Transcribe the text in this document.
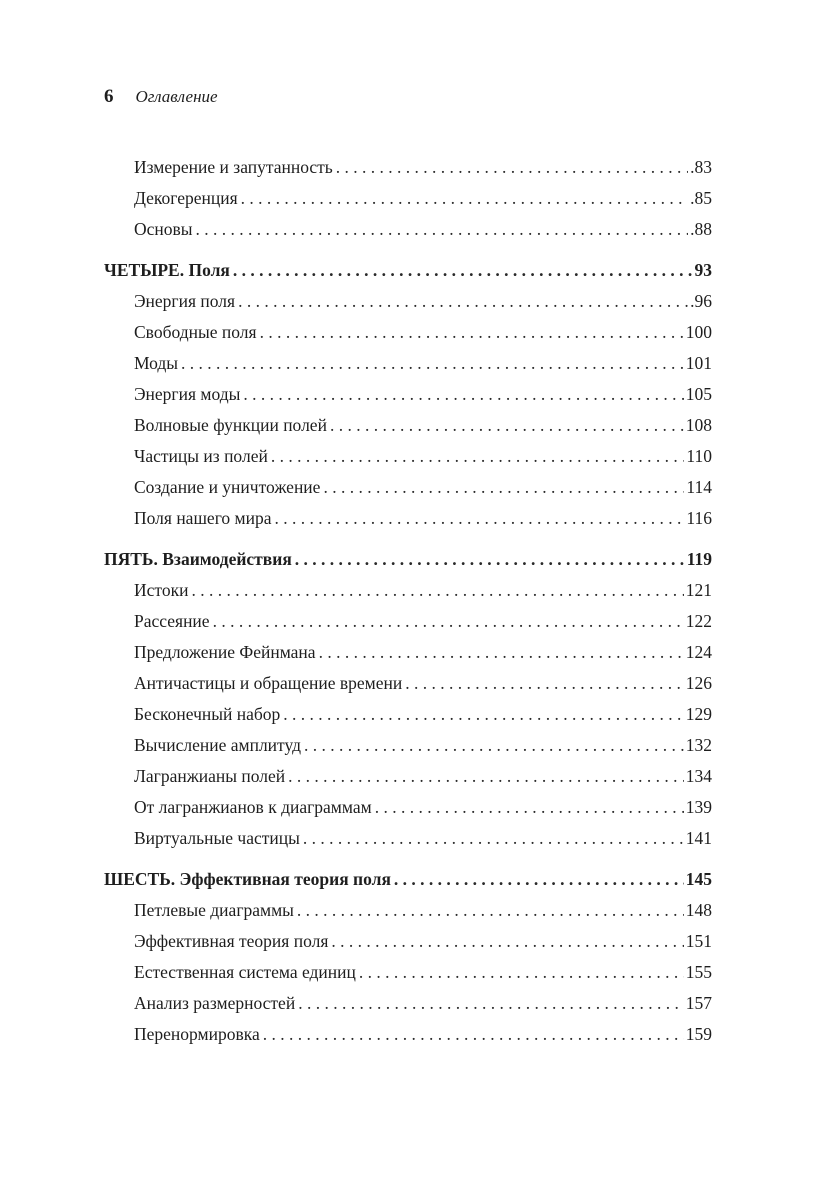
6 Оглавление
Измерение и запутанность . . .	.83
Декогеренция . . .	.85
Основы . . .	.88
ЧЕТЫРЕ. Поля . . .	93
Энергия поля . . .	.96
Свободные поля . . .	100
Моды . . .	101
Энергия моды . . .	105
Волновые функции полей . . .	108
Частицы из полей . . .	110
Создание и уничтожение . . .	114
Поля нашего мира . . .	116
ПЯТЬ. Взаимодействия . . .	119
Истоки . . .	121
Рассеяние . . .	122
Предложение Фейнмана . . .	124
Античастицы и обращение времени . . .	126
Бесконечный набор . . .	129
Вычисление амплитуд . . .	132
Лагранжианы полей . . .	134
От лагранжианов к диаграммам . . .	139
Виртуальные частицы . . .	141
ШЕСТЬ. Эффективная теория поля . . .	145
Петлевые диаграммы . . .	148
Эффективная теория поля . . .	151
Естественная система единиц . . .	155
Анализ размерностей . . .	157
Перенормировка . . .	159
